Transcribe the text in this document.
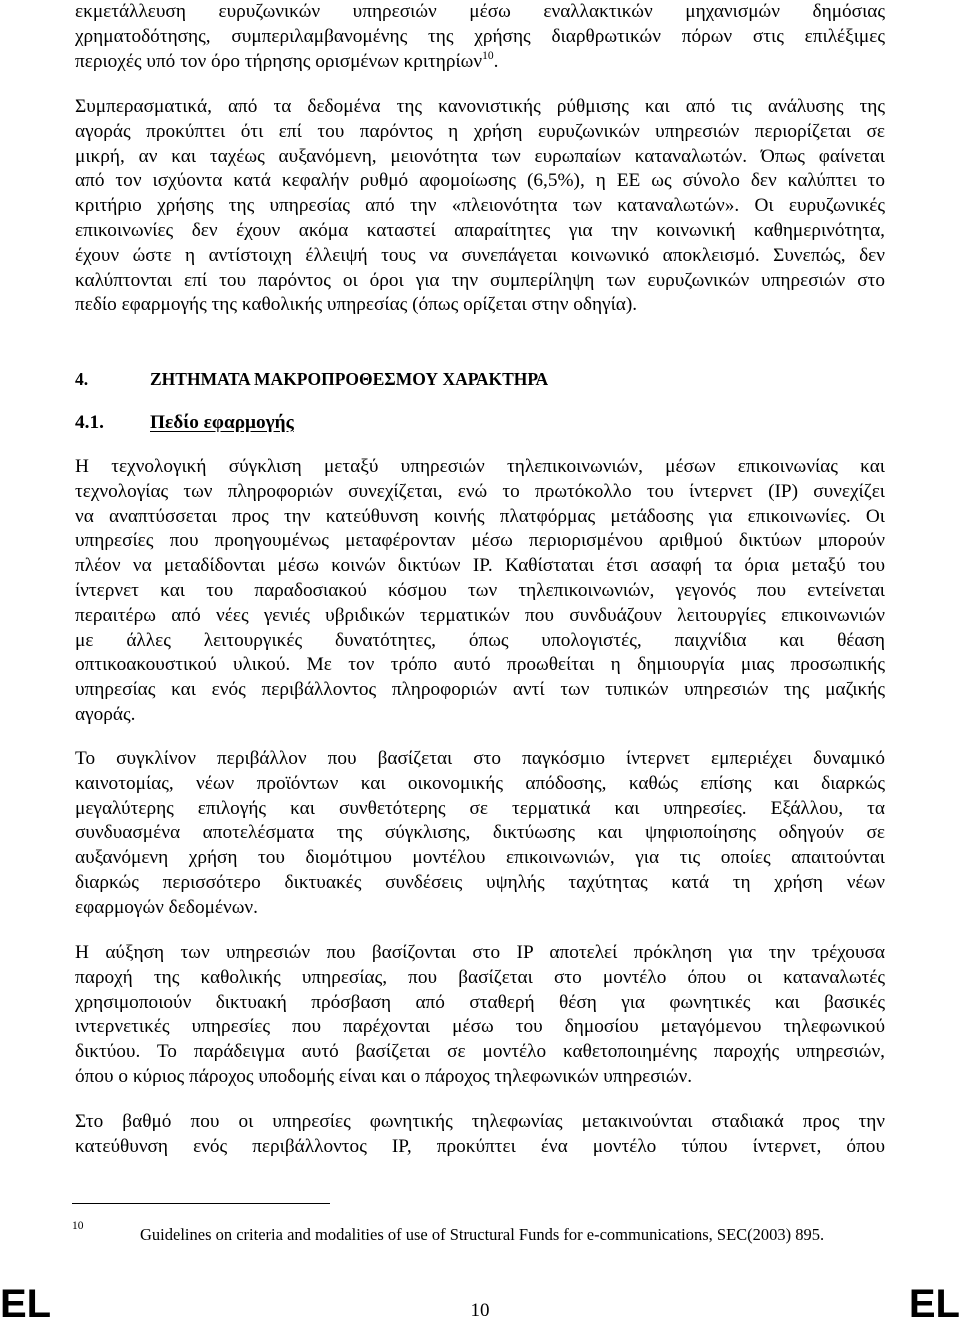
εκμετάλλευση ευρυζωνικών υπηρεσιών μέσω εναλλακτικών μηχανισμών δημόσιας
χρηματοδότησης, συμπεριλαμβανομένης της χρήσης διαρθρωτικών πόρων στις επιλέξιμες
περιοχές υπό τον όρο τήρησης ορισμένων κριτηρίων$^{10}$.
Συμπερασματικά, από τα δεδομένα της κανονιστικής ρύθμισης και από τις ανάλυσης της
αγοράς προκύπτει ότι επί του παρόντος η χρήση ευρυζωνικών υπηρεσιών περιορίζεται σε
μικρή, αν και ταχέως αυξανόμενη, μειονότητα των ευρωπαίων καταναλωτών. Όπως φαίνεται
από τον ισχύοντα κατά κεφαλήν ρυθμό αφομοίωσης (6,5%), η ΕΕ ως σύνολο δεν καλύπτει το
κριτήριο χρήσης της υπηρεσίας από την «πλειονότητα των καταναλωτών». Οι ευρυζωνικές
επικοινωνίες δεν έχουν ακόμα καταστεί απαραίτητες για την κοινωνική καθημερινότητα,
έχουν ώστε η αντίστοιχη έλλειψή τους να συνεπάγεται κοινωνικό αποκλεισμό. Συνεπώς, δεν
καλύπτονται επί του παρόντος οι όροι για την συμπερίληψη των ευρυζωνικών υπηρεσιών στο
πεδίο εφαρμογής της καθολικής υπηρεσίας (όπως ορίζεται στην οδηγία).
4.	ΖΗΤΗΜΑΤΑ ΜΑΚΡΟΠΡΟΘΕΣΜΟΥ ΧΑΡΑΚΤΗΡΑ
4.1. Πεδίο εφαρμογής
Η τεχνολογική σύγκλιση μεταξύ υπηρεσιών τηλεπικοινωνιών, μέσων επικοινωνίας και
τεχνολογίας των πληροφοριών συνεχίζεται, ενώ το πρωτόκολλο του ίντερνετ (IP) συνεχίζει
να αναπτύσσεται προς την κατεύθυνση κοινής πλατφόρμας μετάδοσης για επικοινωνίες. Οι
υπηρεσίες που προηγουμένως μεταφέρονταν μέσω περιορισμένου αριθμού δικτύων μπορούν
πλέον να μεταδίδονται μέσω κοινών δικτύων IP. Καθίσταται έτσι ασαφή τα όρια μεταξύ του
ίντερνετ και του παραδοσιακού κόσμου των τηλεπικοινωνιών, γεγονός που εντείνεται
περαιτέρω από νέες γενιές υβριδικών τερματικών που συνδυάζουν λειτουργίες επικοινωνιών
με άλλες λειτουργικές δυνατότητες, όπως υπολογιστές, παιχνίδια και θέαση
οπτικοακουστικού υλικού. Με τον τρόπο αυτό προωθείται η δημιουργία μιας προσωπικής
υπηρεσίας και ενός περιβάλλοντος πληροφοριών αντί των τυπικών υπηρεσιών της μαζικής
αγοράς.
Το συγκλίνον περιβάλλον που βασίζεται στο παγκόσμιο ίντερνετ εμπεριέχει δυναμικό
καινοτομίας, νέων προϊόντων και οικονομικής απόδοσης, καθώς επίσης και διαρκώς
μεγαλύτερης επιλογής και συνθετότερης σε τερματικά και υπηρεσίες. Εξάλλου, τα
συνδυασμένα αποτελέσματα της σύγκλισης, δικτύωσης και ψηφιοποίησης οδηγούν σε
αυξανόμενη χρήση του διομότιμου μοντέλου επικοινωνιών, για τις οποίες απαιτούνται
διαρκώς περισσότερο δικτυακές συνδέσεις υψηλής ταχύτητας κατά τη χρήση νέων
εφαρμογών δεδομένων.
Η αύξηση των υπηρεσιών που βασίζονται στο IP αποτελεί πρόκληση για την τρέχουσα
παροχή της καθολικής υπηρεσίας, που βασίζεται στο μοντέλο όπου οι καταναλωτές
χρησιμοποιούν δικτυακή πρόσβαση από σταθερή θέση για φωνητικές και βασικές
ιντερνετικές υπηρεσίες που παρέχονται μέσω του δημοσίου μεταγόμενου τηλεφωνικού
δικτύου. Το παράδειγμα αυτό βασίζεται σε μοντέλο καθετοποιημένης παροχής υπηρεσιών,
όπου ο κύριος πάροχος υποδομής είναι και ο πάροχος τηλεφωνικών υπηρεσιών.
Στο βαθμό που οι υπηρεσίες φωνητικής τηλεφωνίας μετακινούνται σταδιακά προς την
κατεύθυνση ενός περιβάλλοντος IP, προκύπτει ένα μοντέλο τύπου ίντερνετ, όπου
10	Guidelines on criteria and modalities of use of Structural Funds for e-communications, SEC(2003) 895.
EL	10	EL
